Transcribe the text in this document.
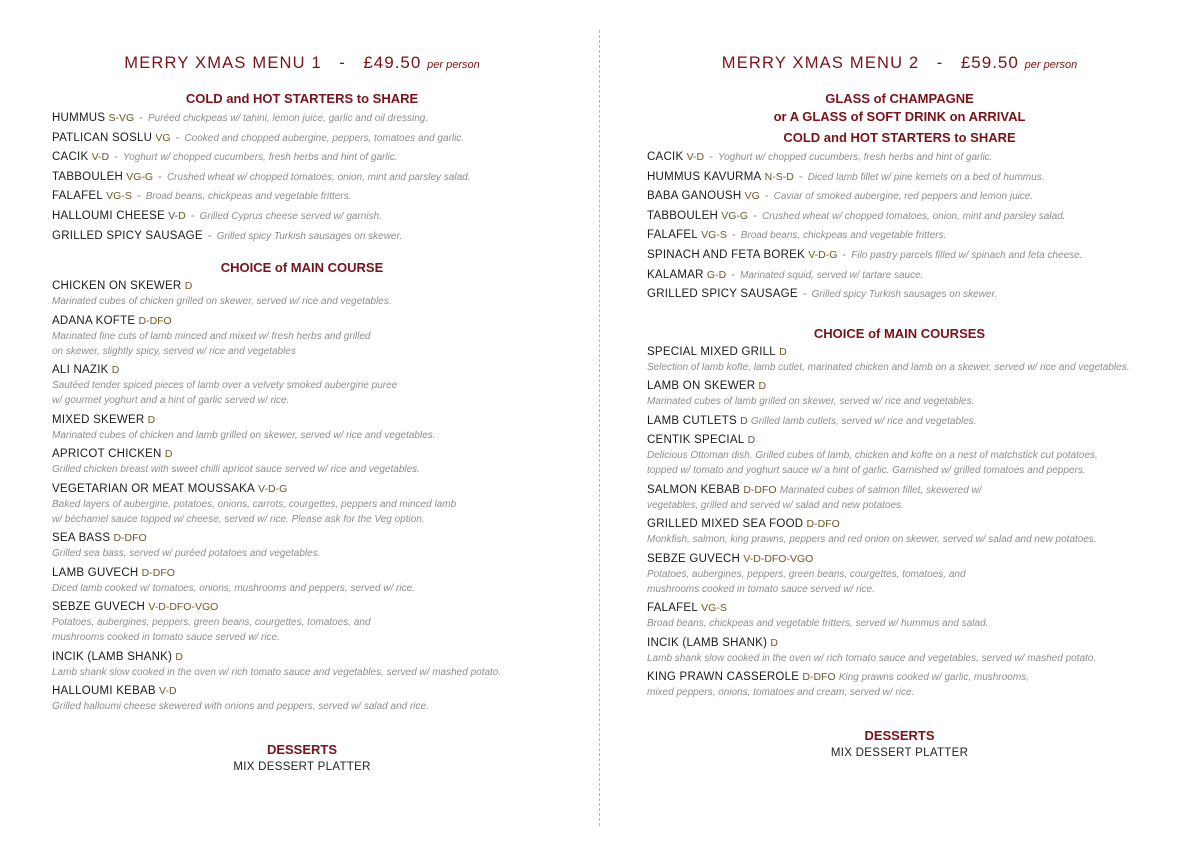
MERRY XMAS MENU 1 - £49.50 per person
COLD and HOT STARTERS to SHARE
HUMMUS S-VG - Puréed chickpeas w/ tahini, lemon juice, garlic and oil dressing.
PATLICAN SOSLU VG - Cooked and chopped aubergine, peppers, tomatoes and garlic.
CACIK V-D - Yoghurt w/ chopped cucumbers, fresh herbs and hint of garlic.
TABBOULEH VG-G - Crushed wheat w/ chopped tomatoes, onion, mint and parsley salad.
FALAFEL VG-S - Broad beans, chickpeas and vegetable fritters.
HALLOUMI CHEESE V-D - Grilled Cyprus cheese served w/ garnish.
GRILLED SPICY SAUSAGE - Grilled spicy Turkish sausages on skewer.
CHOICE of MAIN COURSE
CHICKEN ON SKEWER D
Marinated cubes of chicken grilled on skewer, served w/ rice and vegetables.
ADANA KOFTE D-DFO
Marinated fine cuts of lamb minced and mixed w/ fresh herbs and grilled
on skewer, slightly spicy, served w/ rice and vegetables
ALI NAZIK D
Sautéed tender spiced pieces of lamb over a velvety smoked aubergine puree
w/ gourmet yoghurt and a hint of garlic served w/ rice.
MIXED SKEWER D
Marinated cubes of chicken and lamb grilled on skewer, served w/ rice and vegetables.
APRICOT CHICKEN D
Grilled chicken breast with sweet chilli apricot sauce served w/ rice and vegetables.
VEGETARIAN OR MEAT MOUSSAKA V-D-G
Baked layers of aubergine, potatoes, onions, carrots, courgettes, peppers and minced lamb
w/ béchamel sauce topped w/ cheese, served w/ rice. Please ask for the Veg option.
SEA BASS D-DFO
Grilled sea bass, served w/ puréed potatoes and vegetables.
LAMB GUVECH D-DFO
Diced lamb cooked w/ tomatoes, onions, mushrooms and peppers, served w/ rice.
SEBZE GUVECH V-D-DFO-VGO
Potatoes, aubergines, peppers, green beans, courgettes, tomatoes, and
mushrooms cooked in tomato sauce served w/ rice.
INCIK (LAMB SHANK) D
Lamb shank slow cooked in the oven w/ rich tomato sauce and vegetables, served w/ mashed potato.
HALLOUMI KEBAB V-D
Grilled halloumi cheese skewered with onions and peppers, served w/ salad and rice.
DESSERTS
MIX DESSERT PLATTER
MERRY XMAS MENU 2 - £59.50 per person
GLASS of CHAMPAGNE
or A GLASS of SOFT DRINK on ARRIVAL
COLD and HOT STARTERS to SHARE
CACIK V-D - Yoghurt w/ chopped cucumbers, fresh herbs and hint of garlic.
HUMMUS KAVURMA N-S-D - Diced lamb fillet w/ pine kernels on a bed of hummus.
BABA GANOUSH VG - Caviar of smoked aubergine, red peppers and lemon juice.
TABBOULEH VG-G - Crushed wheat w/ chopped tomatoes, onion, mint and parsley salad.
FALAFEL VG-S - Broad beans, chickpeas and vegetable fritters.
SPINACH AND FETA BOREK V-D-G - Filo pastry parcels filled w/ spinach and feta cheese.
KALAMAR G-D - Marinated squid, served w/ tartare sauce.
GRILLED SPICY SAUSAGE - Grilled spicy Turkish sausages on skewer.
CHOICE of MAIN COURSES
SPECIAL MIXED GRILL D
Selection of lamb kofte, lamb cutlet, marinated chicken and lamb on a skewer, served w/ rice and vegetables.
LAMB ON SKEWER D
Marinated cubes of lamb grilled on skewer, served w/ rice and vegetables.
LAMB CUTLETS D Grilled lamb cutlets, served w/ rice and vegetables.
CENTIK SPECIAL D
Delicious Ottoman dish. Grilled cubes of lamb, chicken and kofte on a nest of matchstick cut potatoes,
topped w/ tomato and yoghurt sauce w/ a hint of garlic. Garnished w/ grilled tomatoes and peppers.
SALMON KEBAB D-DFO Marinated cubes of salmon fillet, skewered w/
vegetables, grilled and served w/ salad and new potatoes.
GRILLED MIXED SEA FOOD D-DFO
Monkfish, salmon, king prawns, peppers and red onion on skewer, served w/ salad and new potatoes.
SEBZE GUVECH V-D-DFO-VGO
Potatoes, aubergines, peppers, green beans, courgettes, tomatoes, and
mushrooms cooked in tomato sauce served w/ rice.
FALAFEL VG-S
Broad beans, chickpeas and vegetable fritters, served w/ hummus and salad.
INCIK (LAMB SHANK) D
Lamb shank slow cooked in the oven w/ rich tomato sauce and vegetables, served w/ mashed potato.
KING PRAWN CASSEROLE D-DFO King prawns cooked w/ garlic, mushrooms,
mixed peppers, onions, tomatoes and cream, served w/ rice.
DESSERTS
MIX DESSERT PLATTER
